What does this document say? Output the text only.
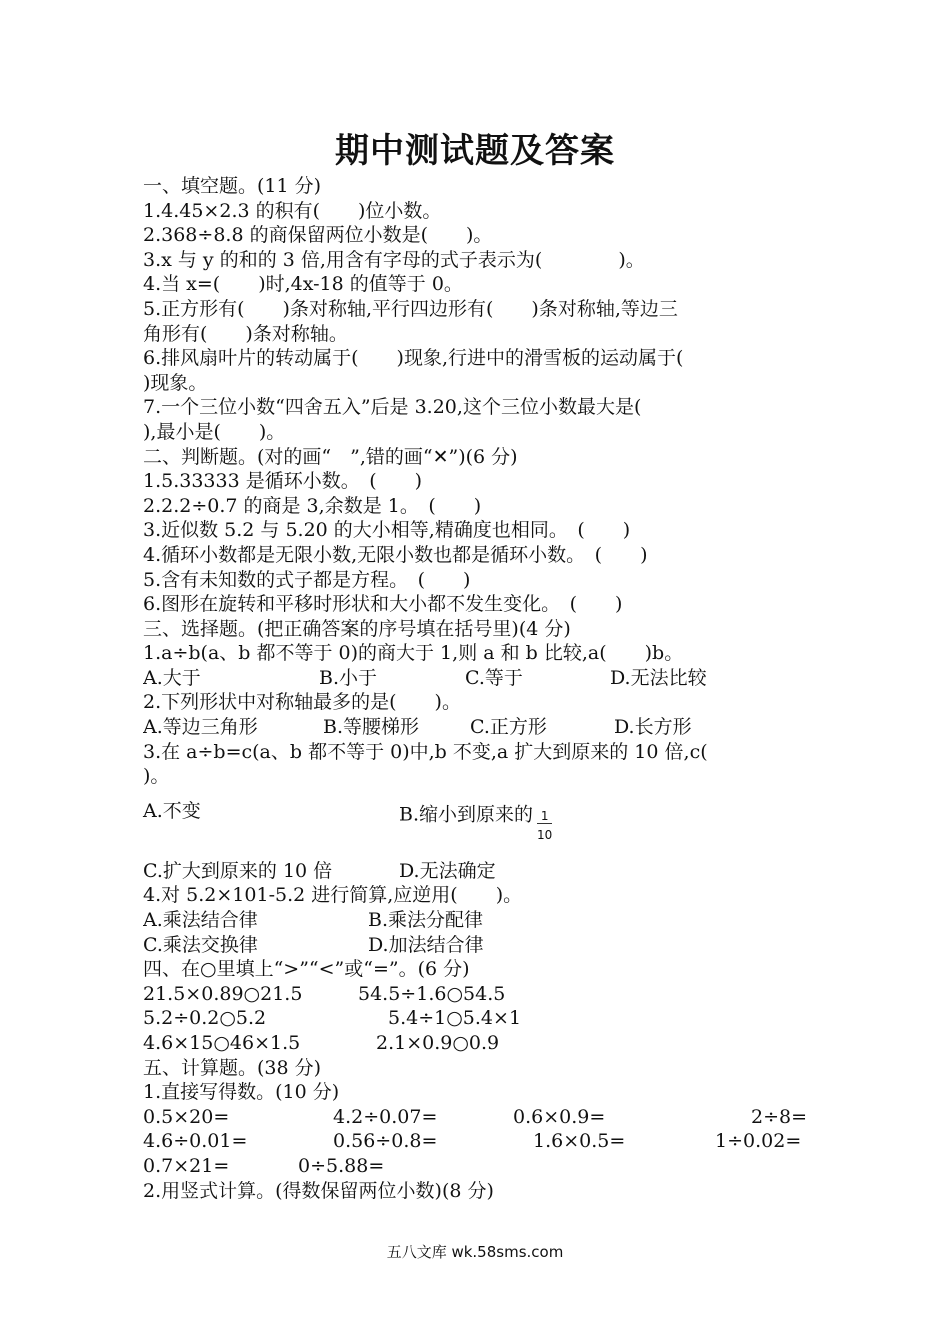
期中测试题及答案
一、填空题。(11 分)
1.4.45×2.3 的积有(　　)位小数。
2.368÷8.8 的商保留两位小数是(　　)。
3.x 与 y 的和的 3 倍,用含有字母的式子表示为(　　　　)。
4.当 x=(　　)时,4x-18 的值等于 0。
5.正方形有(　　)条对称轴,平行四边形有(　　)条对称轴,等边三
角形有(　　)条对称轴。
6.排风扇叶片的转动属于(　　)现象,行进中的滑雪板的运动属于(
)现象。
7.一个三位小数“四舍五入”后是 3.20,这个三位小数最大是(
),最小是(　　)。
二、判断题。(对的画“　”,错的画“✕”)(6 分)
1.5.33333 是循环小数。　(　　)
2.2.2÷0.7 的商是 3,余数是 1。　(　　)
3.近似数 5.2 与 5.20 的大小相等,精确度也相同。　(　　)
4.循环小数都是无限小数,无限小数也都是循环小数。　(　　)
5.含有未知数的式子都是方程。　(　　)
6.图形在旋转和平移时形状和大小都不发生变化。　(　　)
三、选择题。(把正确答案的序号填在括号里)(4 分)
1.a÷b(a、b 都不等于 0)的商大于 1,则 a 和 b 比较,a(　　)b。
A.大于	B.小于	C.等于	D.无法比较
2.下列形状中对称轴最多的是(　　)。
A.等边三角形	B.等腰梯形	C.正方形	D.长方形
3.在 a÷b=c(a、b 都不等于 0)中,b 不变,a 扩大到原来的 10 倍,c(
)。
A.不变	B.缩小到原来的 $\frac{1}{10}$
C.扩大到原来的 10 倍	D.无法确定
4.对 5.2×101-5.2 进行简算,应逆用(　　)。
A.乘法结合律	B.乘法分配律
C.乘法交换律	D.加法结合律
四、在○里填上“>”“<”或“=”。(6 分)
21.5×0.89○21.5	54.5÷1.6○54.5
5.2÷0.2○5.2	5.4÷1○5.4×1
4.6×15○46×1.5	2.1×0.9○0.9
五、计算题。(38 分)
1.直接写得数。(10 分)
0.5×20=	4.2÷0.07=	0.6×0.9=	2÷8=
4.6÷0.01=	0.56÷0.8=	1.6×0.5=	1÷0.02=
0.7×21=	0÷5.88=
2.用竖式计算。(得数保留两位小数)(8 分)
五八文库 wk.58sms.com
